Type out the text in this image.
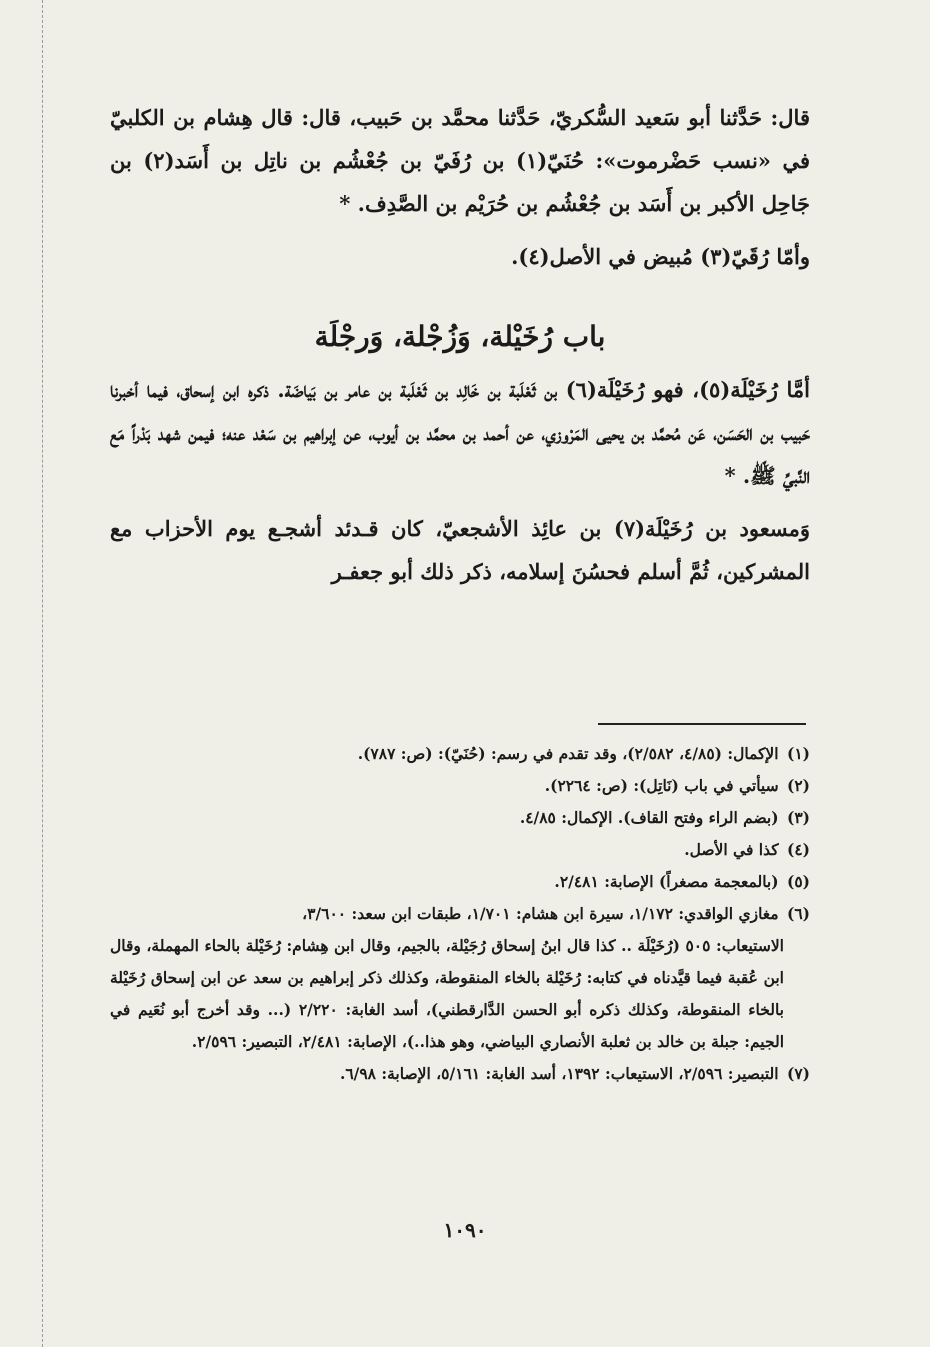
قال: حَدَّثنا أبو سَعيد السُّكريّ، حَدَّثنا محمَّد بن حَبيب، قال: قال هِشام بن الكلبيّ في «نسب حَضْرموت»: حُنَيّ(١) بن رُفَيّ بن جُعْشُم بن ناتِل بن أَسَد(٢) بن جَاحِل الأكبر بن أَسَد بن جُعْشُم بن حُرَيْم بن الصَّدِف. *

وأمّا رُقَيّ(٣) مُبيض في الأصل(٤).

باب رُخَيْلة، وَزُجْلة، وَرجْلَة

أمَّا رُخَيْلَة(٥)، فهو رُخَيْلَة(٦) بن ثَعْلَبة بن خَالِد بن ثَعْلَبة بن عامر بن بَياضَة. ذكره ابن إسحاق، فيما أخبرنا حَبيب بن الحَسَن، عَن مُحمَّد بن يحيى المَرْوزي، عن أحمد بن محمَّد بن أيوب، عن إبراهيم بن سَعْد عنه؛ فيمن شهد بَدْراً مَع النَّبيِّ ﷺ. *

وَمسعود بن رُخَيْلَة(٧) بن عائِذ الأشجعيّ، كان قـدئد أشجـع يوم الأحزاب مع المشركين، ثُمَّ أسلم فحسُنَ إسلامه، ذكر ذلك أبو جعفـر

(١) الإكمال: (٤/٨٥، ٢/٥٨٢)، وقد تقدم في رسم: (حُنَيّ): (ص: ٧٨٧).

(٢) سيأتي في باب (نَاتِل): (ص: ٢٢٦٤).

(٣) (بضم الراء وفتح القاف). الإكمال: ٤/٨٥.

(٤) كذا في الأصل.

(٥) (بالمعجمة مصغراً) الإصابة: ٢/٤٨١.

(٦) مغازي الواقدي: ١/١٧٢، سيرة ابن هشام: ١/٧٠١، طبقات ابن سعد: ٣/٦٠٠،

الاستيعاب: ٥٠٥ (رُخَيْلَة .. كذا قال ابنُ إسحاق رُجَيْلة، بالجيم، وقال ابن هِشام: رُخَيْلة بالحاء المهملة، وقال ابن عُقبة فيما قيَّدناه في كتابه: رُخَيْلة بالخاء المنقوطة، وكذلك ذكر إبراهيم بن سعد عن ابن إسحاق رُخَيْلة بالخاء المنقوطة، وكذلك ذكره أبو الحسن الدَّارقطني)، أسد الغابة: ٢/٢٢٠ (... وقد أخرج أبو نُعَيم في الجيم: جبلة بن خالد بن ثعلبة الأنصاري البياضي، وهو هذا..)، الإصابة: ٢/٤٨١، التبصير: ٢/٥٩٦.

(٧) التبصير: ٢/٥٩٦، الاستيعاب: ١٣٩٢، أسد الغابة: ٥/١٦١، الإصابة: ٦/٩٨.

١٠٩٠
